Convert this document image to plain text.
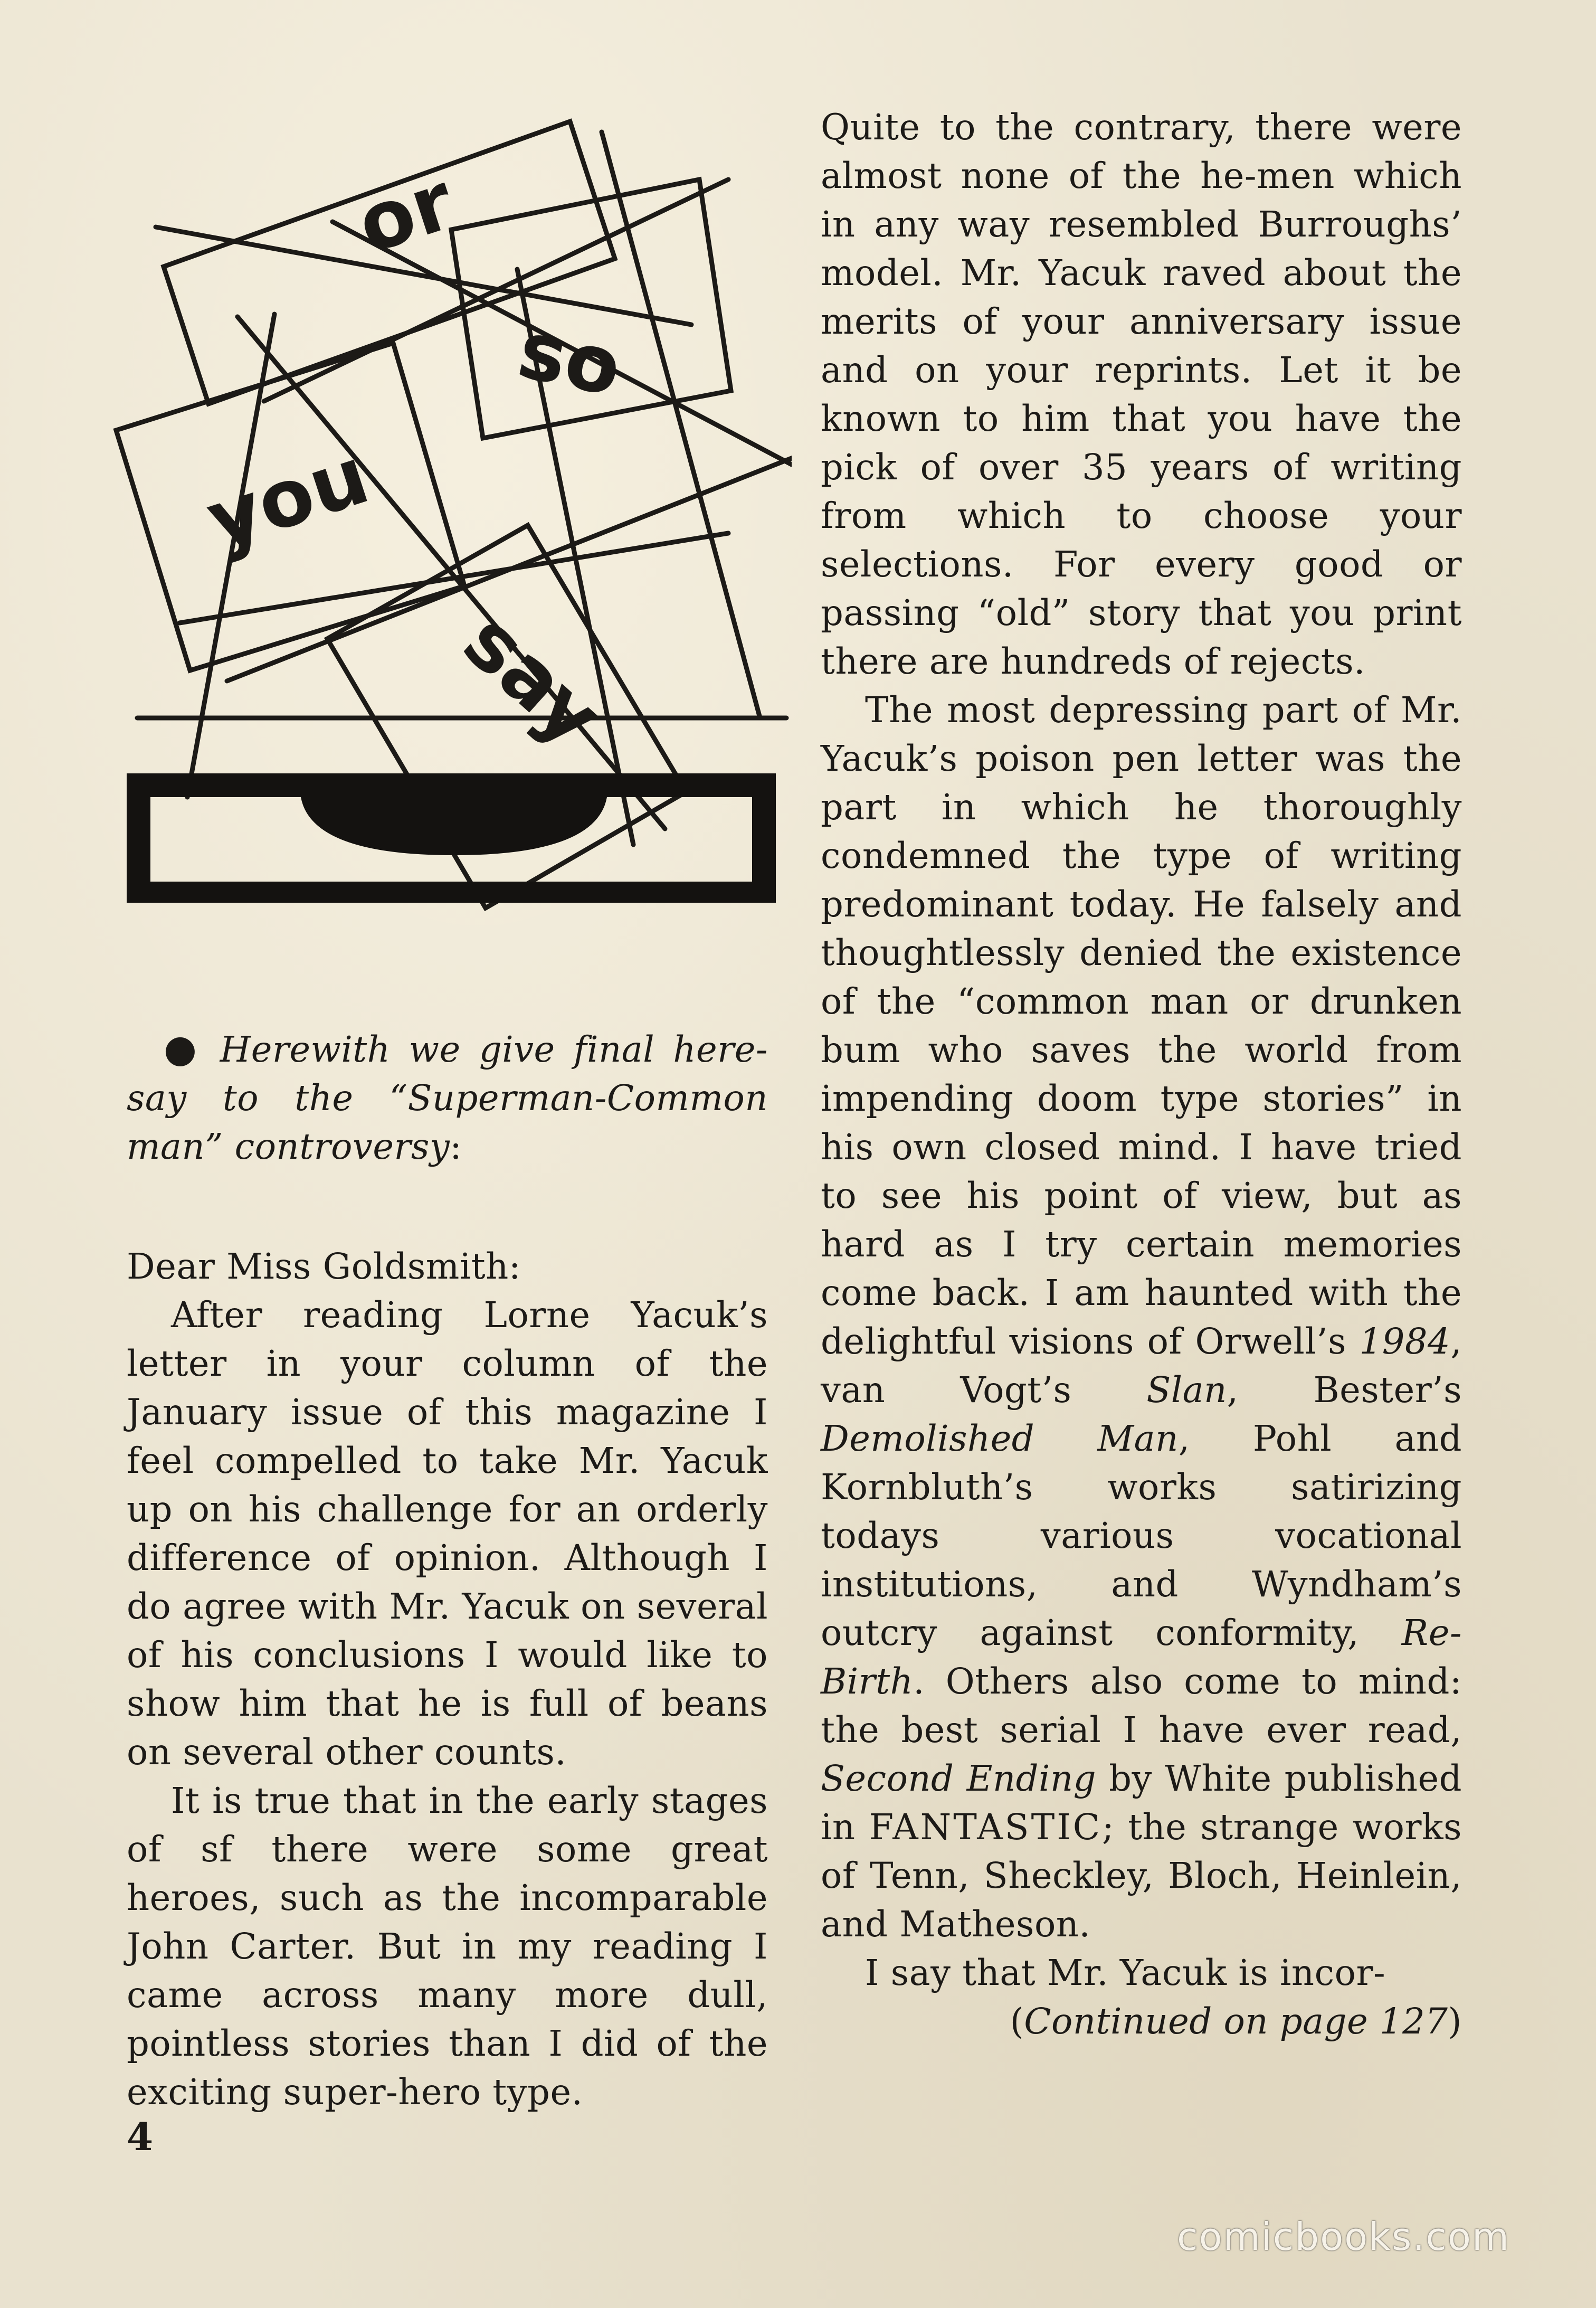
or
so
you
say

● Herewith we give final here-say to the “Superman-Common man” controversy:

Dear Miss Goldsmith:

After reading Lorne Yacuk’s letter in your column of the January issue of this magazine I feel compelled to take Mr. Yacuk up on his challenge for an orderly difference of opinion. Although I do agree with Mr. Yacuk on several of his conclusions I would like to show him that he is full of beans on several other counts.

It is true that in the early stages of sf there were some great heroes, such as the incomparable John Carter. But in my reading I came across many more dull, pointless stories than I did of the exciting super-hero type.

Quite to the contrary, there were almost none of the he-men which in any way resembled Burroughs’ model. Mr. Yacuk raved about the merits of your anniversary issue and on your reprints. Let it be known to him that you have the pick of over 35 years of writing from which to choose your selections. For every good or passing “old” story that you print there are hundreds of rejects.

The most depressing part of Mr. Yacuk’s poison pen letter was the part in which he thoroughly condemned the type of writing predominant today. He falsely and thoughtlessly denied the existence of the “common man or drunken bum who saves the world from impending doom type stories” in his own closed mind. I have tried to see his point of view, but as hard as I try certain memories come back. I am haunted with the delightful visions of Orwell’s 1984, van Vogt’s Slan, Bester’s Demolished Man, Pohl and Kornbluth’s works satirizing todays various vocational institutions, and Wyndham’s outcry against conformity, Re-Birth. Others also come to mind: the best serial I have ever read, Second Ending by White published in FANTASTIC; the strange works of Tenn, Sheckley, Bloch, Heinlein, and Matheson.

I say that Mr. Yacuk is incor-

(Continued on page 127)

4
comicbooks.com
